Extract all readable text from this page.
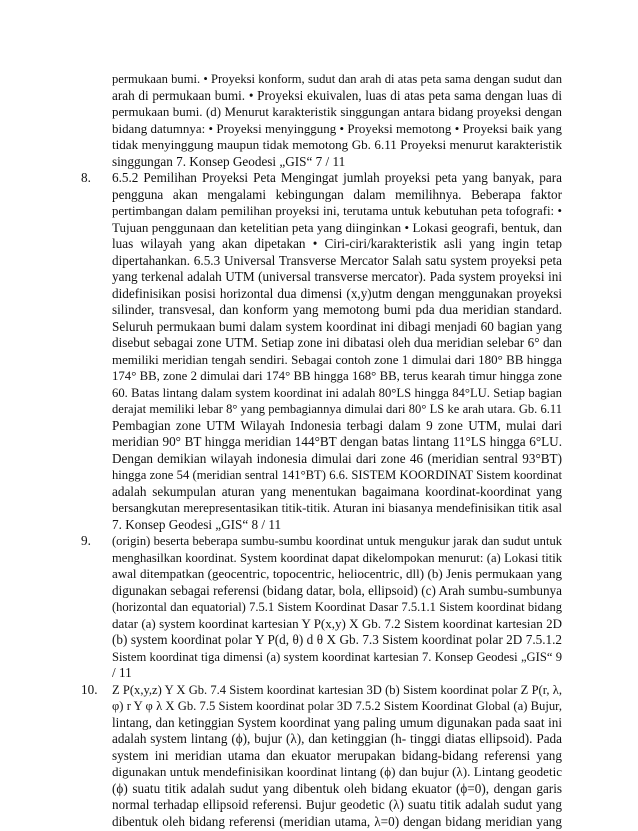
permukaan bumi. • Proyeksi konform, sudut dan arah di atas peta sama dengan sudut dan

arah di permukaan bumi. • Proyeksi ekuivalen, luas di atas peta sama dengan luas di

permukaan bumi. (d) Menurut karakteristik singgungan antara bidang proyeksi dengan

bidang datumnya: • Proyeksi menyinggung • Proyeksi memotong • Proyeksi baik yang

tidak menyinggung maupun tidak memotong Gb. 6.11 Proyeksi menurut karakteristik

singgungan 7. Konsep Geodesi „GIS“ 7 / 11

8. 6.5.2 Pemilihan Proyeksi Peta Mengingat jumlah proyeksi peta yang banyak, para

pengguna akan mengalami kebingungan dalam memilihnya. Beberapa faktor

pertimbangan dalam pemilihan proyeksi ini, terutama untuk kebutuhan peta tofografi: •

Tujuan penggunaan dan ketelitian peta yang diinginkan • Lokasi geografi, bentuk, dan

luas wilayah yang akan dipetakan • Ciri-ciri/karakteristik asli yang ingin tetap

dipertahankan. 6.5.3 Universal Transverse Mercator Salah satu system proyeksi peta

yang terkenal adalah UTM (universal transverse mercator). Pada system proyeksi ini

didefinisikan posisi horizontal dua dimensi (x,y)utm dengan menggunakan proyeksi

silinder, transvesal, dan konform yang memotong bumi pda dua meridian standard.

Seluruh permukaan bumi dalam system koordinat ini dibagi menjadi 60 bagian yang

disebut sebagai zone UTM. Setiap zone ini dibatasi oleh dua meridian selebar 6° dan

memiliki meridian tengah sendiri. Sebagai contoh zone 1 dimulai dari 180° BB hingga

174° BB, zone 2 dimulai dari 174° BB hingga 168° BB, terus kearah timur hingga zone

60. Batas lintang dalam system koordinat ini adalah 80°LS hingga 84°LU. Setiap bagian

derajat memiliki lebar 8° yang pembagiannya dimulai dari 80° LS ke arah utara. Gb. 6.11

Pembagian zone UTM Wilayah Indonesia terbagi dalam 9 zone UTM, mulai dari

meridian 90° BT hingga meridian 144°BT dengan batas lintang 11°LS hingga 6°LU.

Dengan demikian wilayah indonesia dimulai dari zone 46 (meridian sentral 93°BT)

hingga zone 54 (meridian sentral 141°BT) 6.6. SISTEM KOORDINAT Sistem koordinat

adalah sekumpulan aturan yang menentukan bagaimana koordinat-koordinat yang

bersangkutan merepresentasikan titik-titik. Aturan ini biasanya mendefinisikan titik asal

7. Konsep Geodesi „GIS“ 8 / 11

9. (origin) beserta beberapa sumbu-sumbu koordinat untuk mengukur jarak dan sudut untuk

menghasilkan koordinat. System koordinat dapat dikelompokan menurut: (a) Lokasi titik

awal ditempatkan (geocentric, topocentric, heliocentric, dll) (b) Jenis permukaan yang

digunakan sebagai referensi (bidang datar, bola, ellipsoid) (c) Arah sumbu-sumbunya

(horizontal dan equatorial) 7.5.1 Sistem Koordinat Dasar 7.5.1.1 Sistem koordinat bidang

datar (a) system koordinat kartesian Y P(x,y) X Gb. 7.2 Sistem koordinat kartesian 2D

(b) system koordinat polar Y P(d, θ) d θ X Gb. 7.3 Sistem koordinat polar 2D 7.5.1.2

Sistem koordinat tiga dimensi (a) system koordinat kartesian 7. Konsep Geodesi „GIS“ 9

/ 11

10. Z P(x,y,z) Y X Gb. 7.4 Sistem koordinat kartesian 3D (b) Sistem koordinat polar Z P(r, λ,

φ) r Y φ λ X Gb. 7.5 Sistem koordinat polar 3D 7.5.2 Sistem Koordinat Global (a) Bujur,

lintang, dan ketinggian System koordinat yang paling umum digunakan pada saat ini

adalah system lintang (ϕ), bujur (λ), dan ketinggian (h- tinggi diatas ellipsoid). Pada

system ini meridian utama dan ekuator merupakan bidang-bidang referensi yang

digunakan untuk mendefinisikan koordinat lintang (ϕ) dan bujur (λ). Lintang geodetic

(ϕ) suatu titik adalah sudut yang dibentuk oleh bidang ekuator (ϕ=0), dengan garis

normal terhadap ellipsoid referensi. Bujur geodetic (λ) suatu titik adalah sudut yang

dibentuk oleh bidang referensi (meridian utama, λ=0) dengan bidang meridian yang
